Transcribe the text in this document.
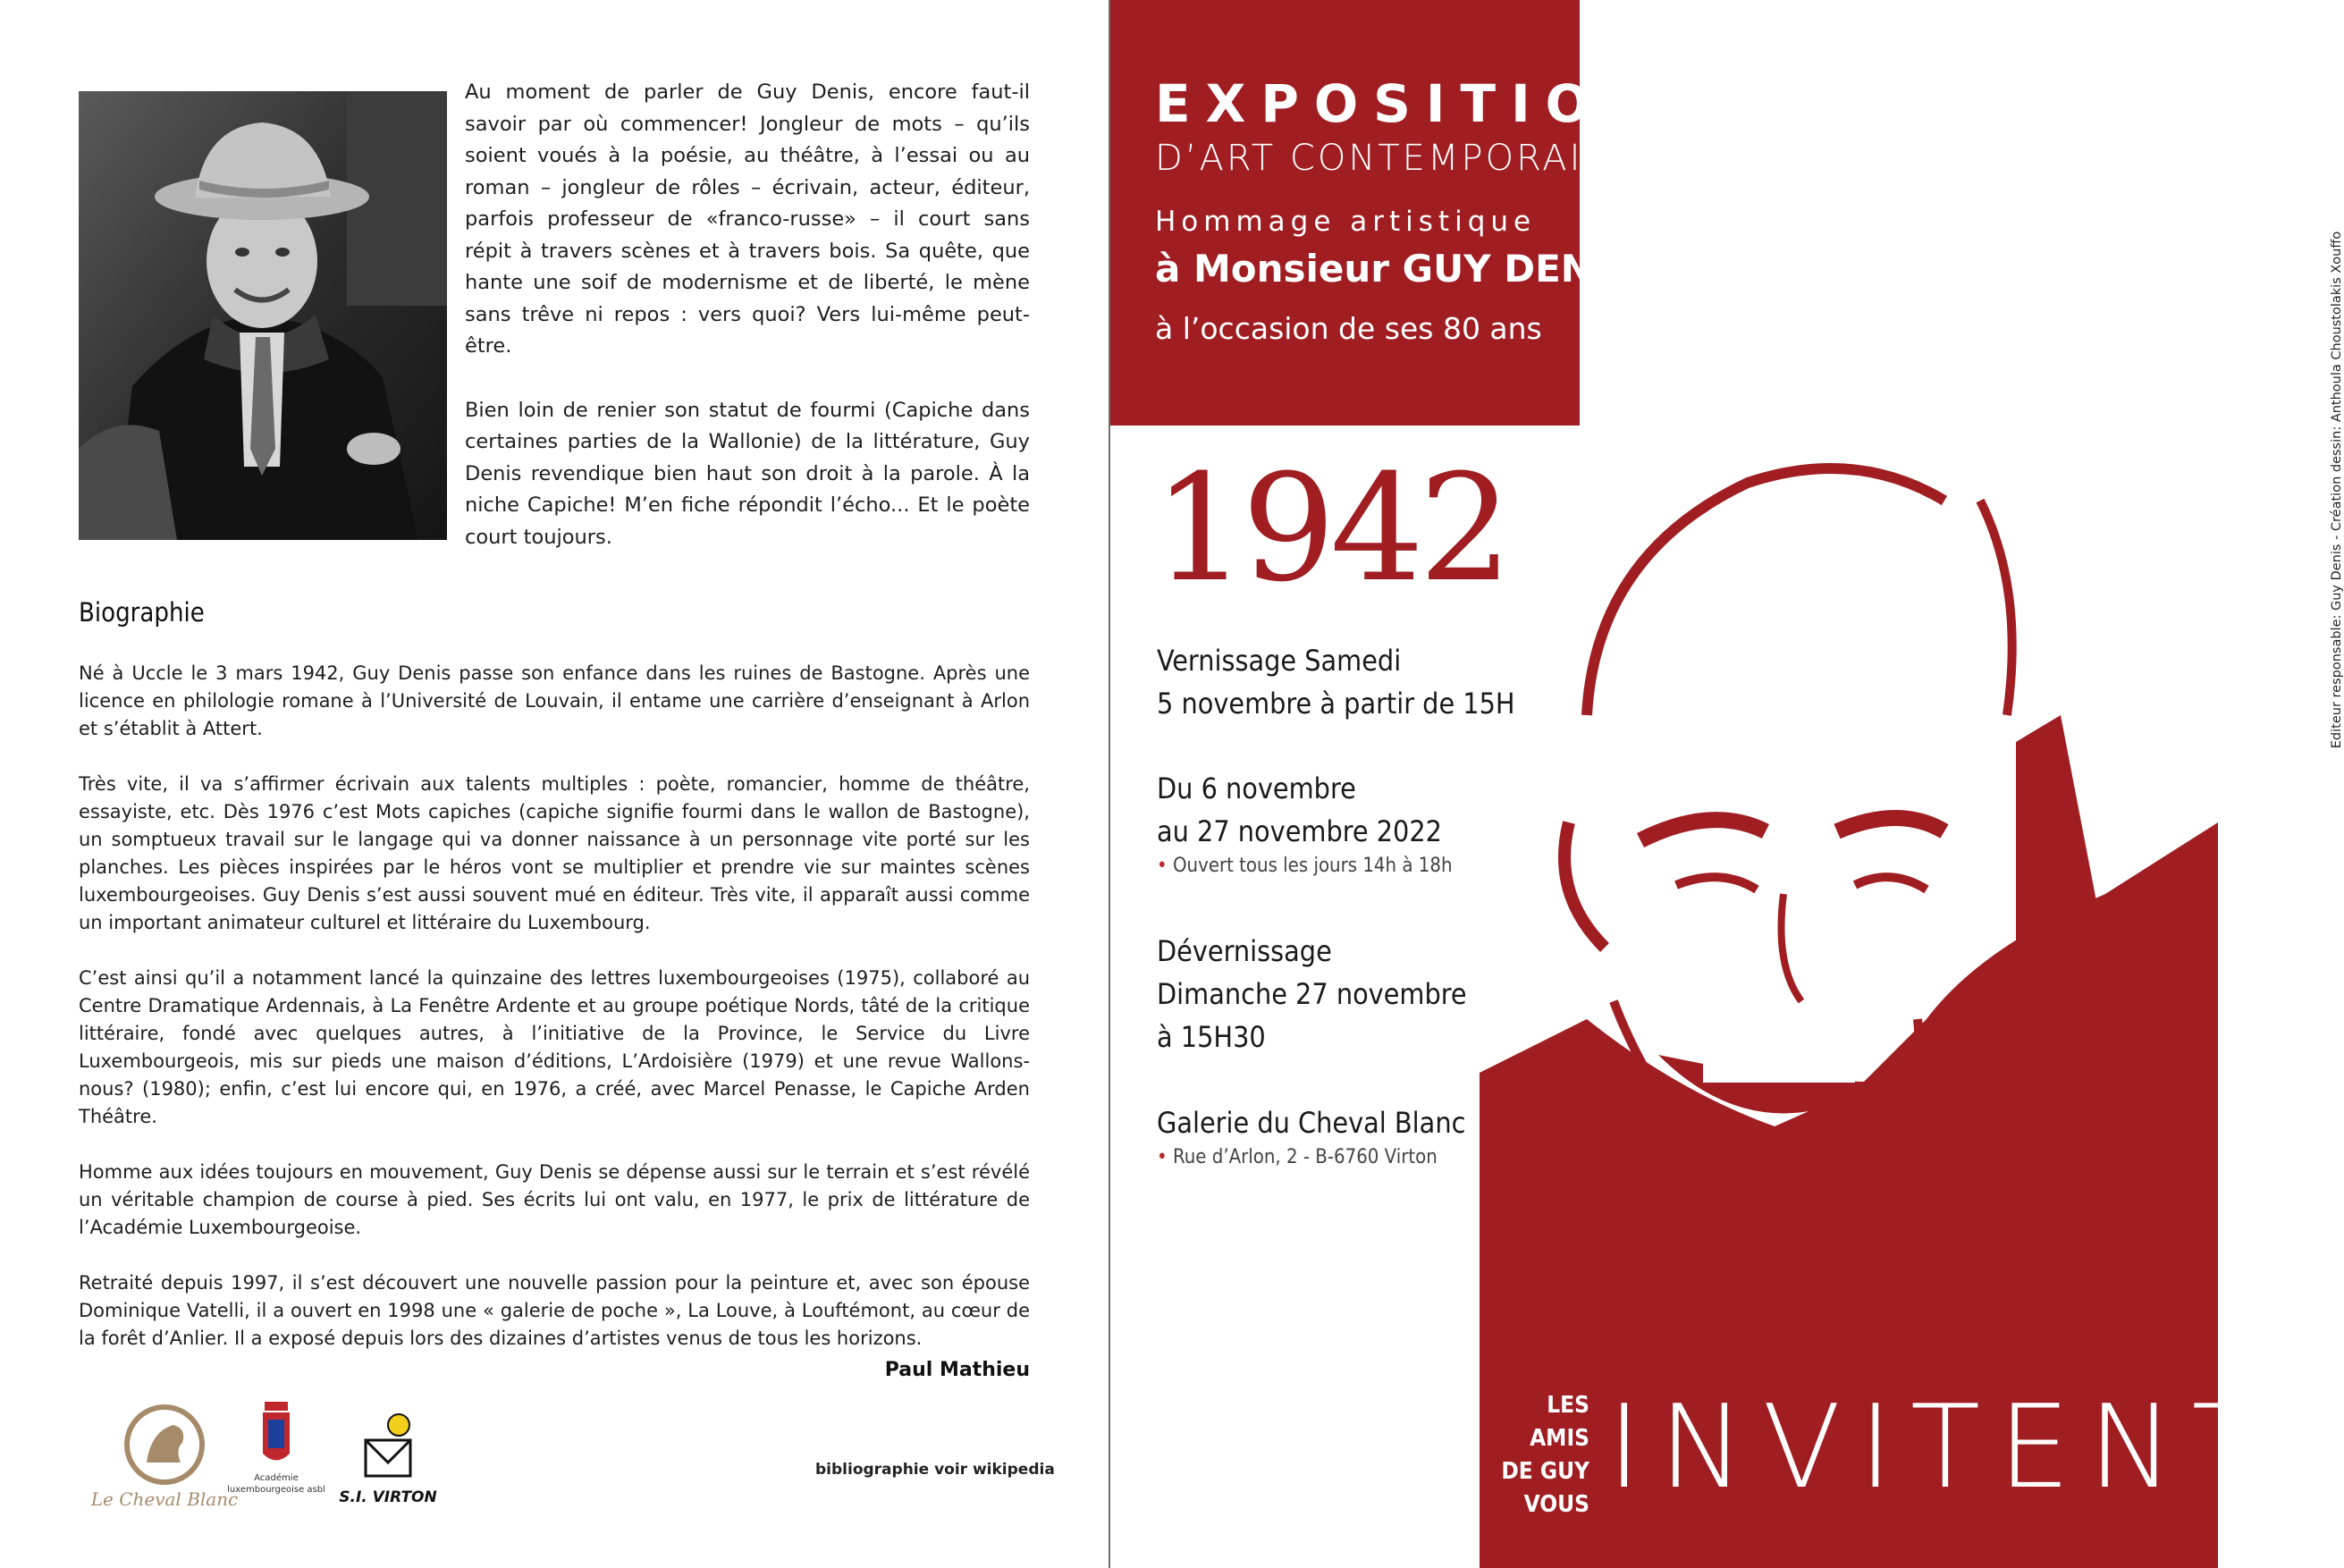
Au moment de parler de Guy Denis, encore faut-il savoir par où commencer! Jongleur de mots – qu’ils soient voués à la poésie, au théâtre, à l’essai ou au roman – jongleur de rôles – écrivain, acteur, éditeur, parfois professeur de «franco-russe» – il court sans répit à travers scènes et à travers bois. Sa quête, que hante une soif de modernisme et de liberté, le mène sans trêve ni repos : vers quoi? Vers lui-même peut-être.

Bien loin de renier son statut de fourmi (Capiche dans certaines parties de la Wallonie) de la littérature, Guy Denis revendique bien haut son droit à la parole. À la niche Capiche! M’en fiche répondit l’écho... Et le poète court toujours.

Biographie

Né à Uccle le 3 mars 1942, Guy Denis passe son enfance dans les ruines de Bastogne. Après une licence en philologie romane à l’Université de Louvain, il entame une carrière d’enseignant à Arlon et s’établit à Attert.

Très vite, il va s’affirmer écrivain aux talents multiples : poète, romancier, homme de théâtre, essayiste, etc. Dès 1976 c’est Mots capiches (capiche signifie fourmi dans le wallon de Bastogne), un somptueux travail sur le langage qui va donner naissance à un personnage vite porté sur les planches. Les pièces inspirées par le héros vont se multiplier et prendre vie sur maintes scènes luxembourgeoises. Guy Denis s’est aussi souvent mué en éditeur. Très vite, il apparaît aussi comme un important animateur culturel et littéraire du Luxembourg.

C’est ainsi qu’il a notamment lancé la quinzaine des lettres luxembourgeoises (1975), collaboré au Centre Dramatique Ardennais, à La Fenêtre Ardente et au groupe poétique Nords, tâté de la critique littéraire, fondé avec quelques autres, à l’initiative de la Province, le Service du Livre Luxembourgeois, mis sur pieds une maison d’éditions, L’Ardoisière (1979) et une revue Wallons-nous? (1980); enfin, c’est lui encore qui, en 1976, a créé, avec Marcel Penasse, le Capiche Arden Théâtre.

Homme aux idées toujours en mouvement, Guy Denis se dépense aussi sur le terrain et s’est révélé un véritable champion de course à pied. Ses écrits lui ont valu, en 1977, le prix de littérature de l’Académie Luxembourgeoise.

Retraité depuis 1997, il s’est découvert une nouvelle passion pour la peinture et, avec son épouse Dominique Vatelli, il a ouvert en 1998 une « galerie de poche », La Louve, à Louftémont, au cœur de la forêt d’Anlier. Il a exposé depuis lors des dizaines d’artistes venus de tous les horizons.

Paul Mathieu
Le Cheval Blanc
Académie
luxembourgeoise asbl S.I. VIRTON
bibliographie voir wikipedia
EXPOSITION
D’ART CONTEMPORAIN
Hommage artistique
à Monsieur GUY DENIS
à l’occasion de ses 80 ans
1942
Vernissage Samedi
5 novembre à partir de 15H
Du 6 novembre
au 27 novembre 2022
• Ouvert tous les jours 14h à 18h
Dévernissage
Dimanche 27 novembre
à 15H30
Galerie du Cheval Blanc
• Rue d’Arlon, 2 - B-6760 Virton
LES AMIS
DE GUY
VOUS INVITENT
Editeur responsable: Guy Denis - Création dessin: Anthoula Choustolakis Xouffo
